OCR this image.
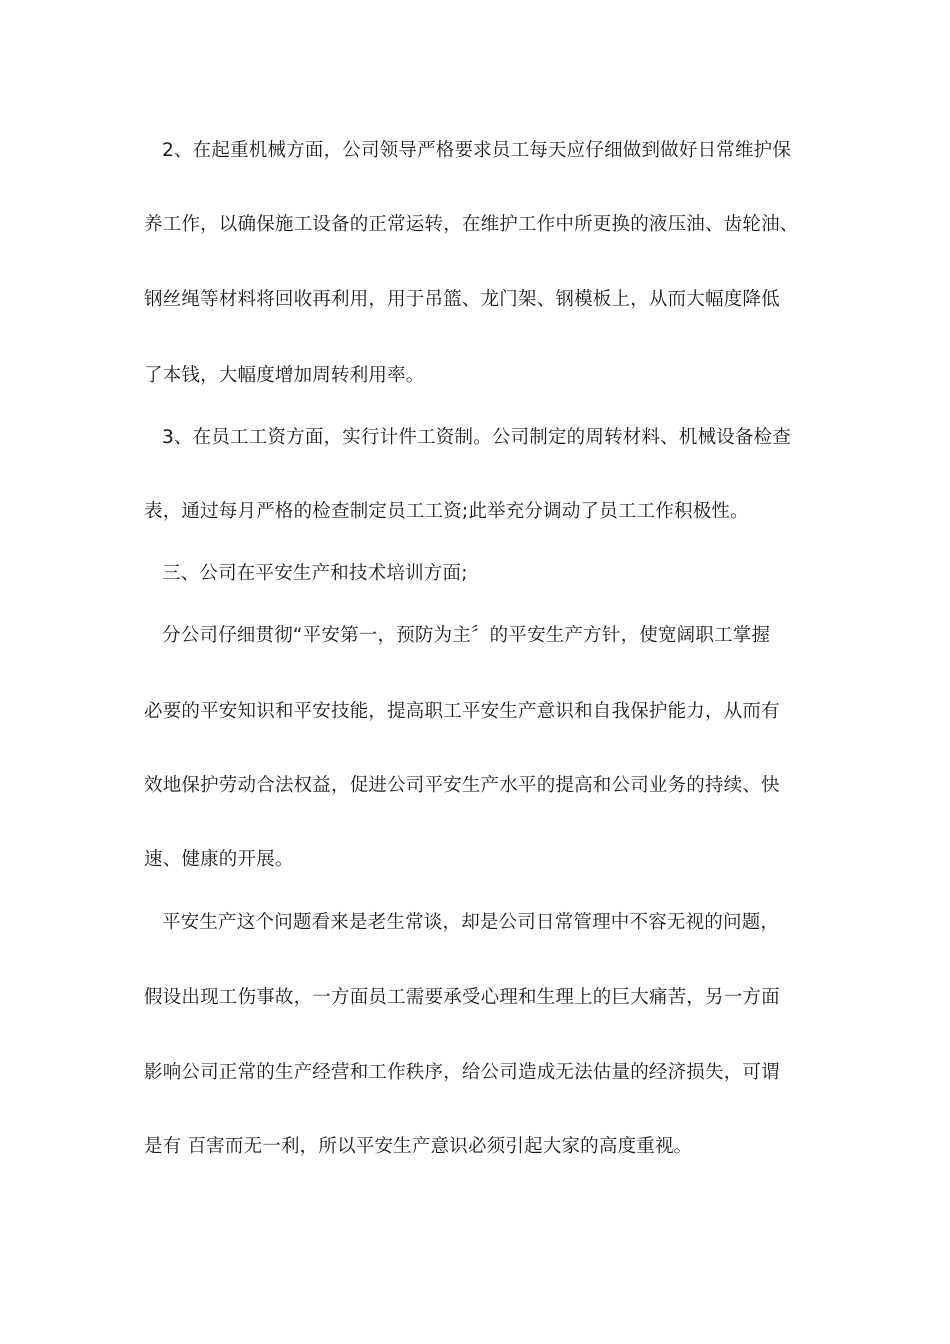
2、在起重机械方面，公司领导严格要求员工每天应仔细做到做好日常维护保
养工作，以确保施工设备的正常运转，在维护工作中所更换的液压油、齿轮油、
钢丝绳等材料将回收再利用，用于吊篮、龙门架、钢模板上，从而大幅度降低
了本钱，大幅度增加周转利用率。
3、在员工工资方面，实行计件工资制。公司制定的周转材料、机械设备检查
表，通过每月严格的检查制定员工工资;此举充分调动了员工工作积极性。
三、公司在平安生产和技术培训方面;
分公司仔细贯彻“平安第一，预防为主〞的平安生产方针，使宽阔职工掌握
必要的平安知识和平安技能，提高职工平安生产意识和自我保护能力，从而有
效地保护劳动合法权益，促进公司平安生产水平的提高和公司业务的持续、快
速、健康的开展。
平安生产这个问题看来是老生常谈，却是公司日常管理中不容无视的问题，
假设出现工伤事故，一方面员工需要承受心理和生理上的巨大痛苦，另一方面
影响公司正常的生产经营和工作秩序，给公司造成无法估量的经济损失，可谓
是有 百害而无一利，所以平安生产意识必须引起大家的高度重视。
